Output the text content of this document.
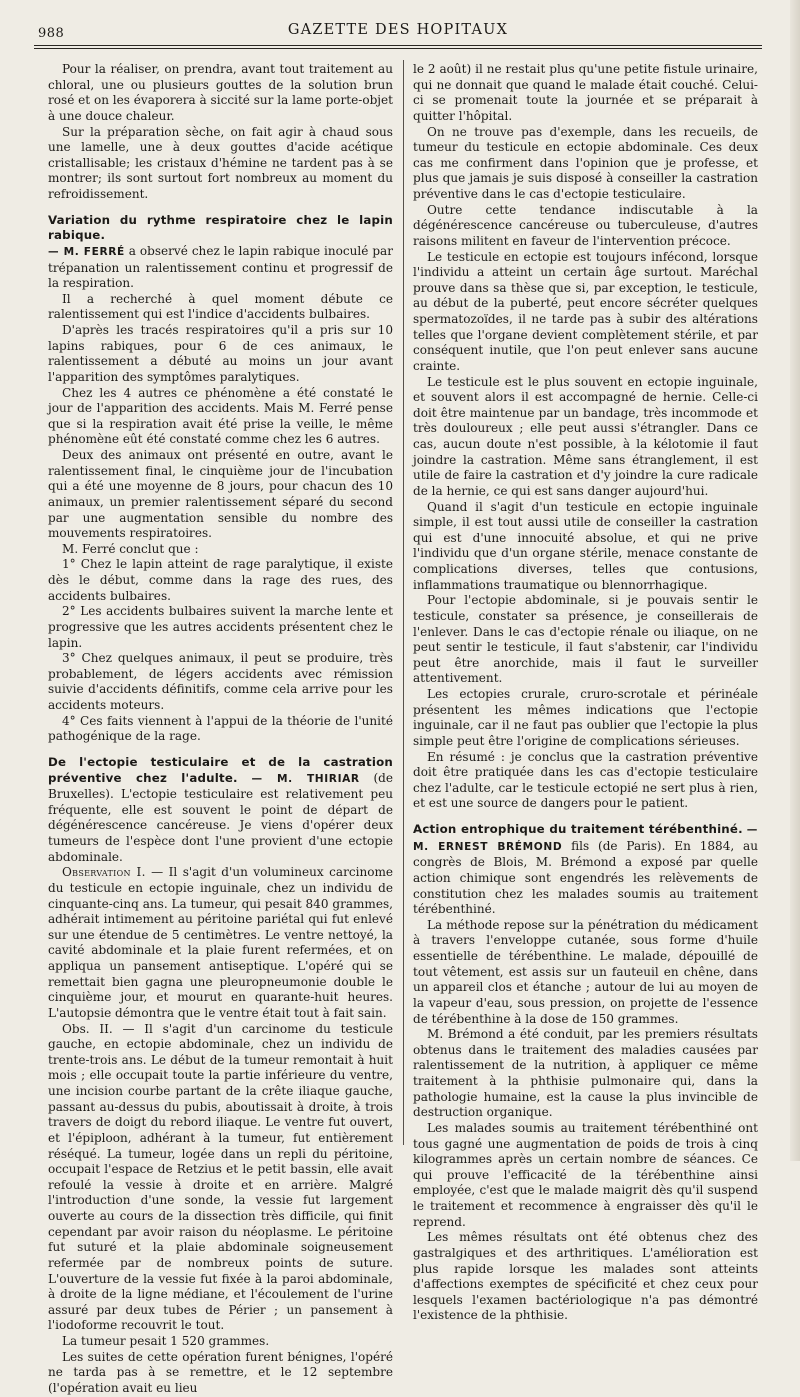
988	GAZETTE DES HOPITAUX

Pour la réaliser, on prendra, avant tout traitement au chloral, une ou plusieurs gouttes de la solution brun rosé et on les évaporera à siccité sur la lame porte-objet à une douce chaleur.

Sur la préparation sèche, on fait agir à chaud sous une lamelle, une à deux gouttes d'acide acétique cristallisable; les cristaux d'hémine ne tardent pas à se montrer; ils sont surtout fort nombreux au moment du refroidissement.

Variation du rythme respiratoire chez le lapin rabique.
— M. FERRÉ a observé chez le lapin rabique inoculé par trépanation un ralentissement continu et progressif de la respiration.

Il a recherché à quel moment débute ce ralentissement qui est l'indice d'accidents bulbaires.

D'après les tracés respiratoires qu'il a pris sur 10 lapins rabiques, pour 6 de ces animaux, le ralentissement a débuté au moins un jour avant l'apparition des symptômes paralytiques.

Chez les 4 autres ce phénomène a été constaté le jour de l'apparition des accidents. Mais M. Ferré pense que si la respiration avait été prise la veille, le même phénomène eût été constaté comme chez les 6 autres.

Deux des animaux ont présenté en outre, avant le ralentissement final, le cinquième jour de l'incubation qui a été une moyenne de 8 jours, pour chacun des 10 animaux, un premier ralentissement séparé du second par une augmentation sensible du nombre des mouvements respiratoires.

M. Ferré conclut que :

1° Chez le lapin atteint de rage paralytique, il existe dès le début, comme dans la rage des rues, des accidents bulbaires.

2° Les accidents bulbaires suivent la marche lente et progressive que les autres accidents présentent chez le lapin.

3° Chez quelques animaux, il peut se produire, très probablement, de légers accidents avec rémission suivie d'accidents définitifs, comme cela arrive pour les accidents moteurs.

4° Ces faits viennent à l'appui de la théorie de l'unité pathogénique de la rage.

De l'ectopie testiculaire et de la castration préventive chez l'adulte. — M. THIRIAR (de Bruxelles). L'ectopie testiculaire est relativement peu fréquente, elle est souvent le point de départ de dégénérescence cancéreuse. Je viens d'opérer deux tumeurs de l'espèce dont l'une provient d'une ectopie abdominale.

Observation I. — Il s'agit d'un volumineux carcinome du testicule en ectopie inguinale, chez un individu de cinquante-cinq ans. La tumeur, qui pesait 840 grammes, adhérait intimement au péritoine pariétal qui fut enlevé sur une étendue de 5 centimètres. Le ventre nettoyé, la cavité abdominale et la plaie furent refermées, et on appliqua un pansement antiseptique. L'opéré qui se remettait bien gagna une pleuropneumonie double le cinquième jour, et mourut en quarante-huit heures. L'autopsie démontra que le ventre était tout à fait sain.

Obs. II. — Il s'agit d'un carcinome du testicule gauche, en ectopie abdominale, chez un individu de trente-trois ans. Le début de la tumeur remontait à huit mois ; elle occupait toute la partie inférieure du ventre, une incision courbe partant de la crête iliaque gauche, passant au-dessus du pubis, aboutissait à droite, à trois travers de doigt du rebord iliaque. Le ventre fut ouvert, et l'épiploon, adhérant à la tumeur, fut entièrement réséqué. La tumeur, logée dans un repli du péritoine, occupait l'espace de Retzius et le petit bassin, elle avait refoulé la vessie à droite et en arrière. Malgré l'introduction d'une sonde, la vessie fut largement ouverte au cours de la dissection très difficile, qui finit cependant par avoir raison du néoplasme. Le péritoine fut suturé et la plaie abdominale soigneusement refermée par de nombreux points de suture. L'ouverture de la vessie fut fixée à la paroi abdominale, à droite de la ligne médiane, et l'écoulement de l'urine assuré par deux tubes de Périer ; un pansement à l'iodoforme recouvrit le tout.

La tumeur pesait 1 520 grammes.

Les suites de cette opération furent bénignes, l'opéré ne tarda pas à se remettre, et le 12 septembre (l'opération avait eu lieu

le 2 août) il ne restait plus qu'une petite fistule urinaire, qui ne donnait que quand le malade était couché. Celui-ci se promenait toute la journée et se préparait à quitter l'hôpital.

On ne trouve pas d'exemple, dans les recueils, de tumeur du testicule en ectopie abdominale. Ces deux cas me confirment dans l'opinion que je professe, et plus que jamais je suis disposé à conseiller la castration préventive dans le cas d'ectopie testiculaire.

Outre cette tendance indiscutable à la dégénérescence cancéreuse ou tuberculeuse, d'autres raisons militent en faveur de l'intervention précoce.

Le testicule en ectopie est toujours infécond, lorsque l'individu a atteint un certain âge surtout. Maréchal prouve dans sa thèse que si, par exception, le testicule, au début de la puberté, peut encore sécréter quelques spermatozoïdes, il ne tarde pas à subir des altérations telles que l'organe devient complètement stérile, et par conséquent inutile, que l'on peut enlever sans aucune crainte.

Le testicule est le plus souvent en ectopie inguinale, et souvent alors il est accompagné de hernie. Celle-ci doit être maintenue par un bandage, très incommode et très douloureux ; elle peut aussi s'étrangler. Dans ce cas, aucun doute n'est possible, à la kélotomie il faut joindre la castration. Même sans étranglement, il est utile de faire la castration et d'y joindre la cure radicale de la hernie, ce qui est sans danger aujourd'hui.

Quand il s'agit d'un testicule en ectopie inguinale simple, il est tout aussi utile de conseiller la castration qui est d'une innocuité absolue, et qui ne prive l'individu que d'un organe stérile, menace constante de complications diverses, telles que contusions, inflammations traumatique ou blennorrhagique.

Pour l'ectopie abdominale, si je pouvais sentir le testicule, constater sa présence, je conseillerais de l'enlever. Dans le cas d'ectopie rénale ou iliaque, on ne peut sentir le testicule, il faut s'abstenir, car l'individu peut être anorchide, mais il faut le surveiller attentivement.

Les ectopies crurale, cruro-scrotale et périnéale présentent les mêmes indications que l'ectopie inguinale, car il ne faut pas oublier que l'ectopie la plus simple peut être l'origine de complications sérieuses.

En résumé : je conclus que la castration préventive doit être pratiquée dans les cas d'ectopie testiculaire chez l'adulte, car le testicule ectopié ne sert plus à rien, et est une source de dangers pour le patient.

Action entrophique du traitement térébenthiné. — M. ERNEST BRÉMOND fils (de Paris). En 1884, au congrès de Blois, M. Brémond a exposé par quelle action chimique sont engendrés les relèvements de constitution chez les malades soumis au traitement térébenthiné.

La méthode repose sur la pénétration du médicament à travers l'enveloppe cutanée, sous forme d'huile essentielle de térébenthine. Le malade, dépouillé de tout vêtement, est assis sur un fauteuil en chêne, dans un appareil clos et étanche ; autour de lui au moyen de la vapeur d'eau, sous pression, on projette de l'essence de térébenthine à la dose de 150 grammes.

M. Brémond a été conduit, par les premiers résultats obtenus dans le traitement des maladies causées par ralentissement de la nutrition, à appliquer ce même traitement à la phthisie pulmonaire qui, dans la pathologie humaine, est la cause la plus invincible de destruction organique.

Les malades soumis au traitement térébenthiné ont tous gagné une augmentation de poids de trois à cinq kilogrammes après un certain nombre de séances. Ce qui prouve l'efficacité de la térébenthine ainsi employée, c'est que le malade maigrit dès qu'il suspend le traitement et recommence à engraisser dès qu'il le reprend.

Les mêmes résultats ont été obtenus chez des gastralgiques et des arthritiques. L'amélioration est plus rapide lorsque les malades sont atteints d'affections exemptes de spécificité et chez ceux pour lesquels l'examen bactériologique n'a pas démontré l'existence de la phthisie.
